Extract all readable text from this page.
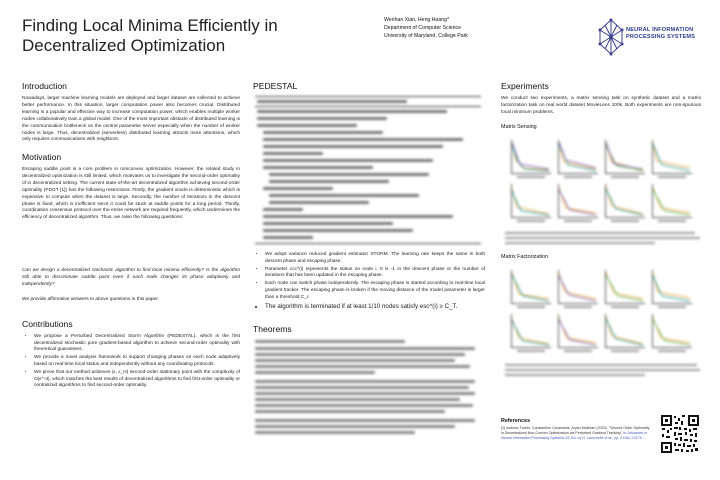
Finding Local Minima Efficiently in Decentralized Optimization
Wenhan Xian, Heng Huang*
Department of Computer Science
University of Maryland, College Park
NEURAL INFORMATION PROCESSING SYSTEMS
Introduction
Nowadays, larger machine learning models are deployed and larger dataset are collected to achieve better performance. In this situation, larger computation power also becomes crucial. Distributed learning is a popular and effective way to increase computation power, which enables multiple worker nodes collaboratively train a global model. One of the most important obstacle of distributed learning is the communication bottleneck on the central parameter server especially when the number of worker nodes is large. Thus, decentralized (serverless) distributed learning attracts more attentions, which only requires communications with neighbors.
Motivation
Escaping saddle point is a core problem in nonconvex optimization. However, the related study in decentralized optimization is still limited, which motivates us to investigate the second-order optimality of in decentralized setting. The current state-of-the-art decentralized algorithm achieving second-order optimality (PDGT [1]) has the following restrictions: Firstly, the gradient oracle is deterministic which is expensive to compute when the dataset is large. Secondly, the number of iterations in the descent phase is fixed, which is inefficient since it could be stuck at saddle points for a long period. Thirdly, coordination consensus protocol over the entire network are required frequently, which undermines the efficiency of decentralized algorithm. Thus, we raise the following questions:
Can we design a decentralized stochastic algorithm to find local minima efficiently? Is the algorithm still able to discriminate saddle point even if each node changes its phase adaptively and independently?
We provide affirmative answers to above questions in this paper.
Contributions
• We propose a Perturbed Decentralized Storm Algorithm (PEDESTAL), which is the first decentralized stochastic pure gradient-based algorithm to achieve second-order optimality with theoretical guarantees.
• We provide a novel analysis framework to support changing phases on each node adaptively based on real-time local status and independently without any coordinating protocols.
• We prove that our method achieves (ε, ε_H) second-order stationary point with the complexity of O(ε^-3), which matches the best results of decentralized algorithms to find first-order optimality or centralized algorithms to find second-order optimality.
PEDESTAL
• We adopt variance reduced gradient estimator STORM. The learning rate keeps the same in both descent phase and escaping phase.
• Parameter ccc^(i) represents the status on node i. It is -1 in the descent phase or the number of iterations that has been updated in the escaping phase.
• Each node can switch phase independently. The escaping phase is started according to real-time local gradient tracker. The escaping phase is broken if the moving distance of the model parameter is larger than a threshold C_r.
• The algorithm is terminated if at least 1/10 nodes satisfy esc^(i) ≥ C_T.
Theorems
Experiments
We conduct two experiments, a matrix sensing task on synthetic dataset and a matrix factorization task on real world dataset MovieLens 100k. Both experiments are non-spurious local minimum problems.
Matrix Sensing
Matrix Factorization
References
[1] Isidoros Tziotis, Constantine Caramanis, Aryan Mokhtari (2020). "Second Order Optimality in Decentralized Non-Convex Optimization via Perturbed Gradient Tracking" In: Advances in Neural Information Processing Systems 33. Ed. by H. Larochelle et al., pp. 21162–21173.
